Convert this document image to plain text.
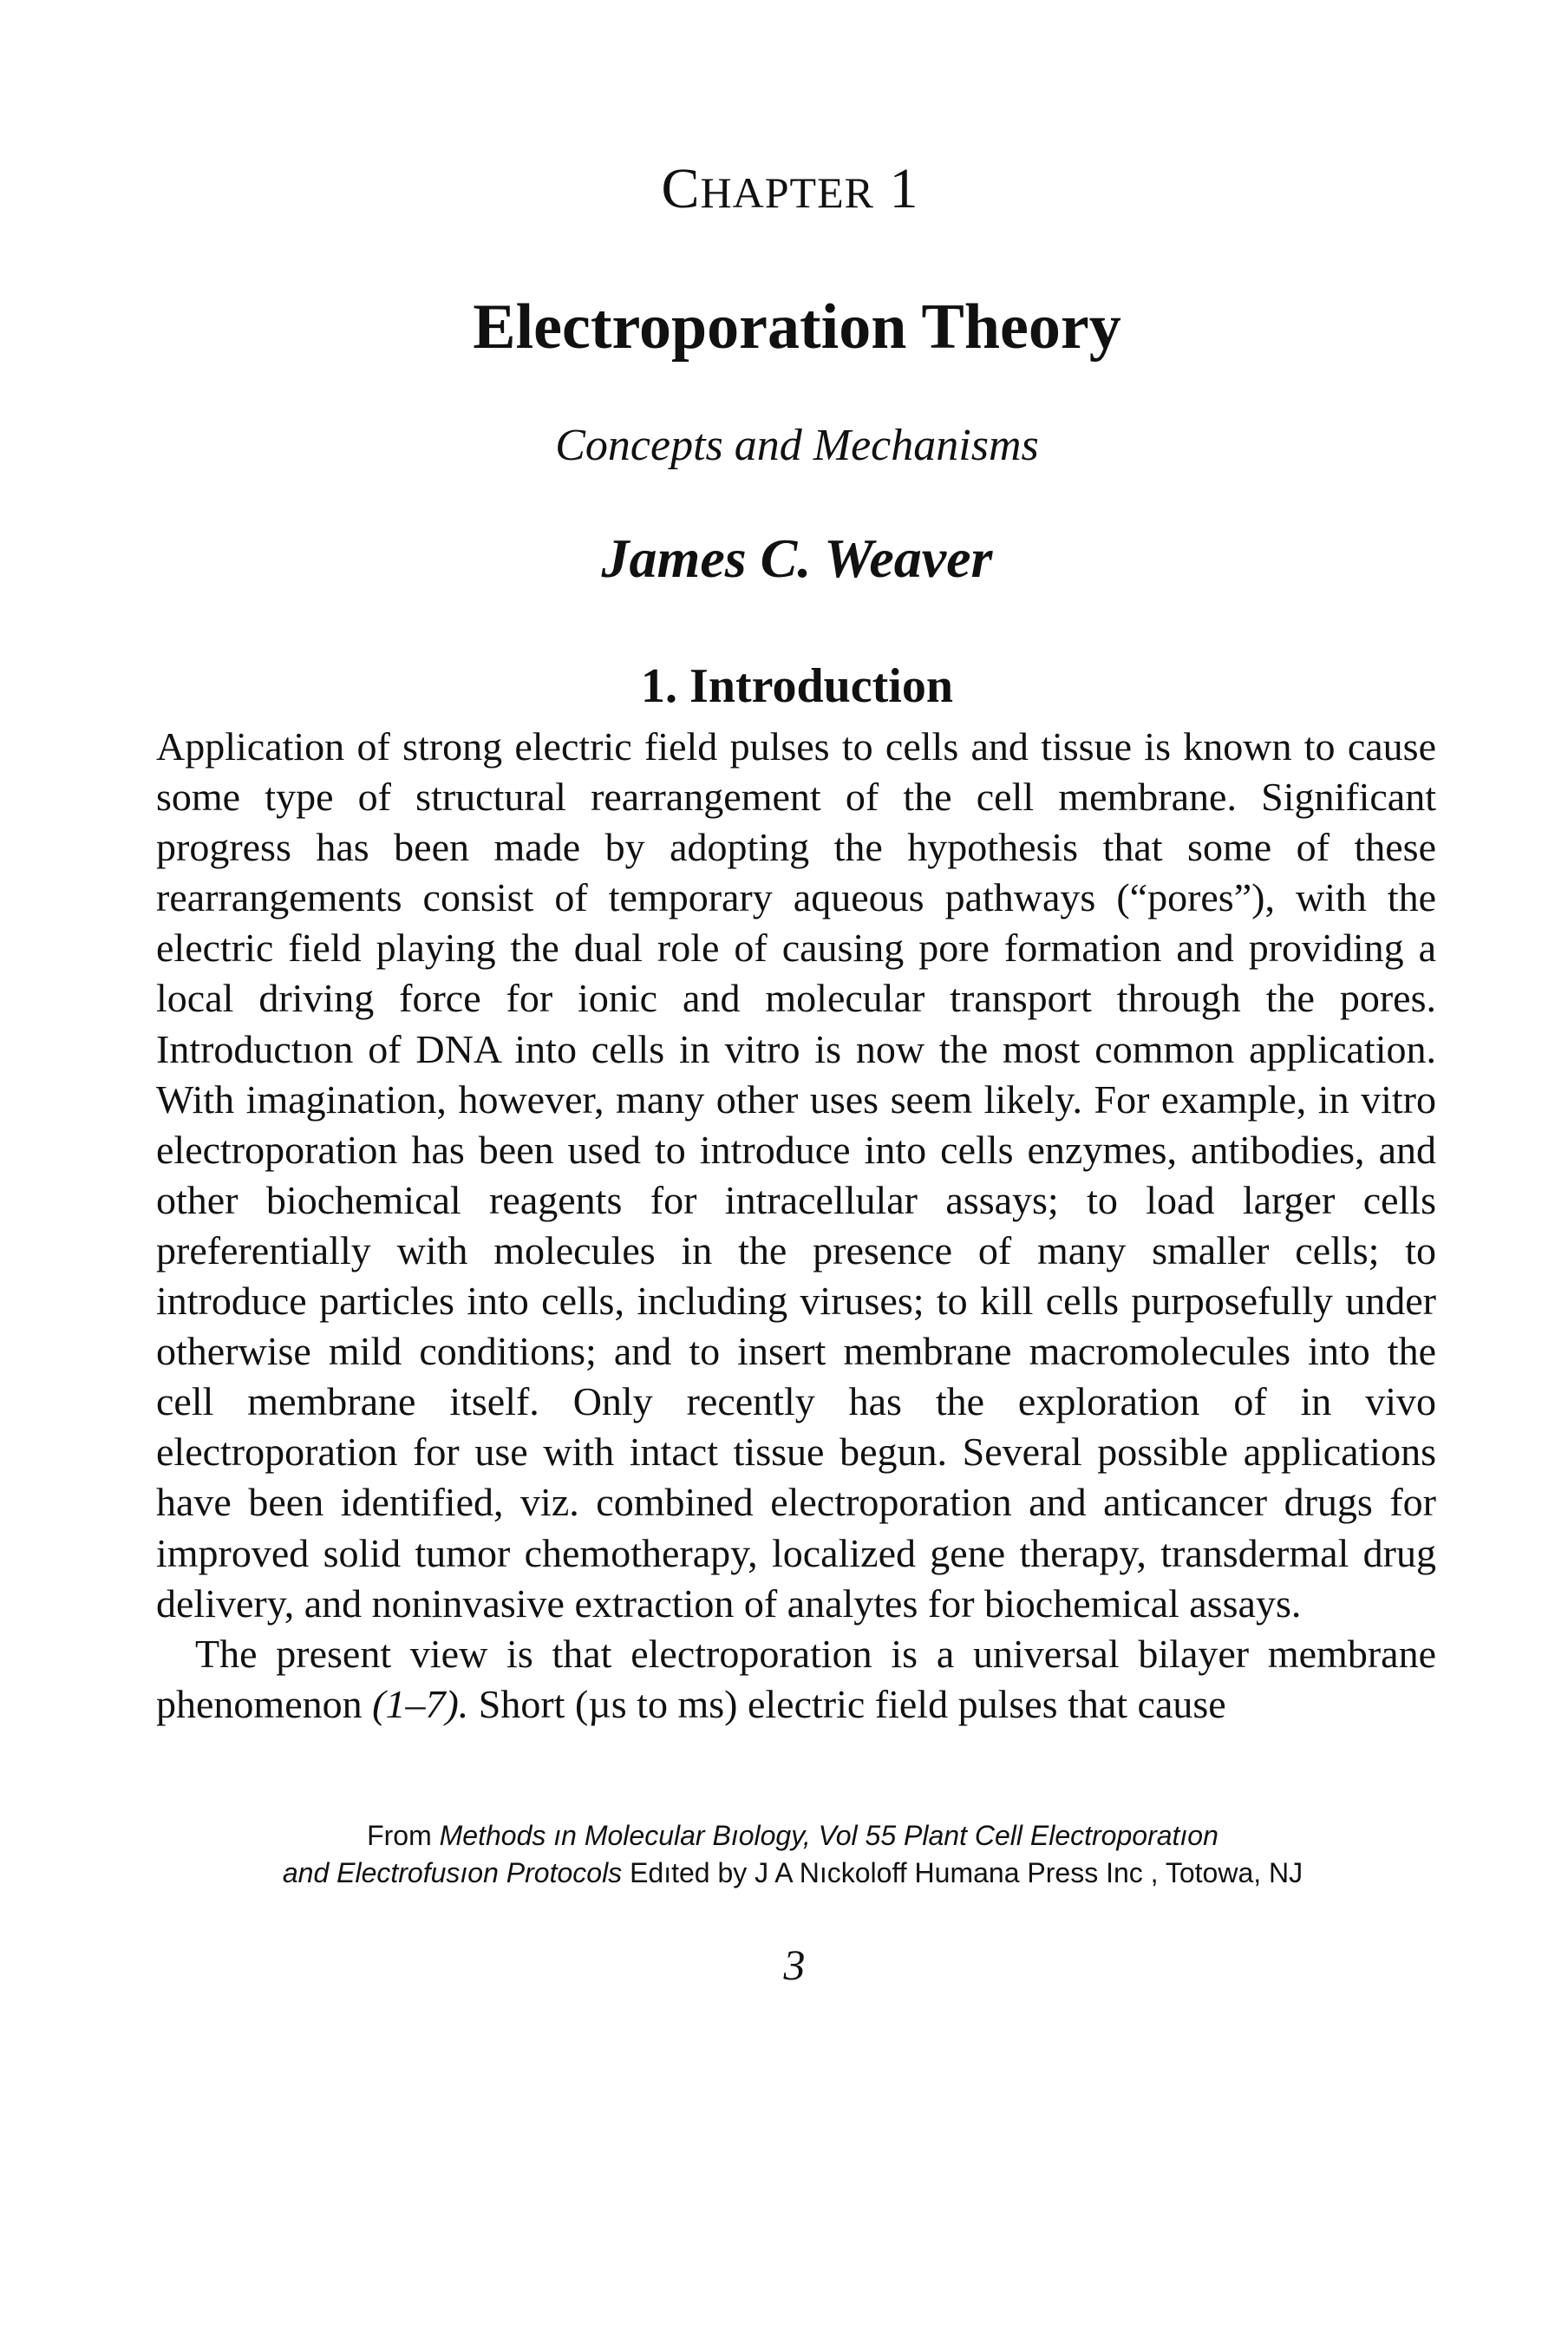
CHAPTER 1
Electroporation Theory
Concepts and Mechanisms
James C. Weaver
1. Introduction

Application of strong electric field pulses to cells and tissue is known to cause some type of structural rearrangement of the cell membrane. Significant progress has been made by adopting the hypothesis that some of these rearrangements consist of temporary aqueous pathways (“pores”), with the electric field playing the dual role of causing pore formation and providing a local driving force for ionic and molecular transport through the pores. Introductıon of DNA into cells in vitro is now the most common application. With imagination, however, many other uses seem likely. For example, in vitro electroporation has been used to introduce into cells enzymes, antibodies, and other biochemical reagents for intracellular assays; to load larger cells preferentially with molecules in the presence of many smaller cells; to introduce particles into cells, including viruses; to kill cells purposefully under otherwise mild conditions; and to insert membrane macromolecules into the cell membrane itself. Only recently has the exploration of in vivo electroporation for use with intact tissue begun. Several possible applications have been identified, viz. combined electroporation and anticancer drugs for improved solid tumor chemotherapy, localized gene therapy, transdermal drug delivery, and noninvasive extraction of analytes for biochemical assays.

The present view is that electroporation is a universal bilayer membrane phenomenon (1–7). Short (µs to ms) electric field pulses that cause

From Methods ın Molecular Bıology, Vol 55 Plant Cell Electroporatıon
and Electrofusıon Protocols Edıted by J A Nıckoloff Humana Press Inc , Totowa, NJ
3
